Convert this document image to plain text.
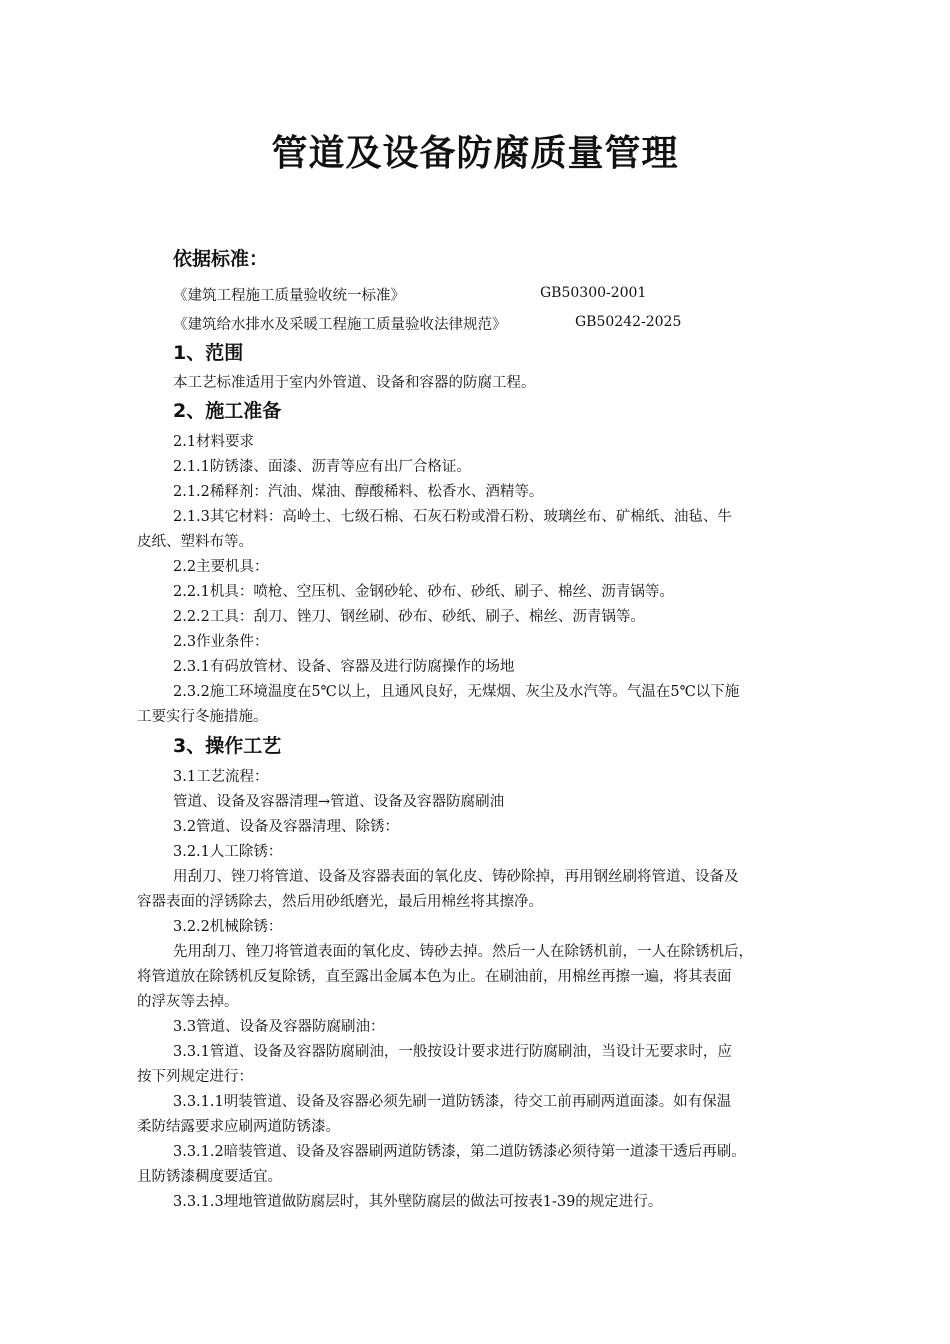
管道及设备防腐质量管理
依据标准：
《建筑工程施工质量验收统一标准》	GB50300-2001
《建筑给水排水及采暖工程施工质量验收法律规范》	GB50242-2025
1、范围
本工艺标准适用于室内外管道、设备和容器的防腐工程。
2、施工准备
2.1材料要求
2.1.1防锈漆、面漆、沥青等应有出厂合格证。
2.1.2稀释剂：汽油、煤油、醇酸稀料、松香水、酒精等。
2.1.3其它材料：高岭土、七级石棉、石灰石粉或滑石粉、玻璃丝布、矿棉纸、油毡、牛
皮纸、塑料布等。
2.2主要机具：
2.2.1机具：喷枪、空压机、金钢砂轮、砂布、砂纸、刷子、棉丝、沥青锅等。
2.2.2工具：刮刀、锉刀、钢丝刷、砂布、砂纸、刷子、棉丝、沥青锅等。
2.3作业条件：
2.3.1有码放管材、设备、容器及进行防腐操作的场地
2.3.2施工环境温度在5℃以上，且通风良好，无煤烟、灰尘及水汽等。气温在5℃以下施
工要实行冬施措施。
3、操作工艺
3.1工艺流程：
管道、设备及容器清理→管道、设备及容器防腐刷油
3.2管道、设备及容器清理、除锈：
3.2.1人工除锈：
用刮刀、锉刀将管道、设备及容器表面的氧化皮、铸砂除掉，再用钢丝刷将管道、设备及
容器表面的浮锈除去，然后用砂纸磨光，最后用棉丝将其擦净。
3.2.2机械除锈：
先用刮刀、锉刀将管道表面的氧化皮、铸砂去掉。然后一人在除锈机前，一人在除锈机后，
将管道放在除锈机反复除锈，直至露出金属本色为止。在刷油前，用棉丝再擦一遍，将其表面
的浮灰等去掉。
3.3管道、设备及容器防腐刷油：
3.3.1管道、设备及容器防腐刷油，一般按设计要求进行防腐刷油，当设计无要求时，应
按下列规定进行：
3.3.1.1明装管道、设备及容器必须先刷一道防锈漆，待交工前再刷两道面漆。如有保温
柔防结露要求应刷两道防锈漆。
3.3.1.2暗装管道、设备及容器刷两道防锈漆，第二道防锈漆必须待第一道漆干透后再刷。
且防锈漆稠度要适宜。
3.3.1.3埋地管道做防腐层时，其外壁防腐层的做法可按表1-39的规定进行。
